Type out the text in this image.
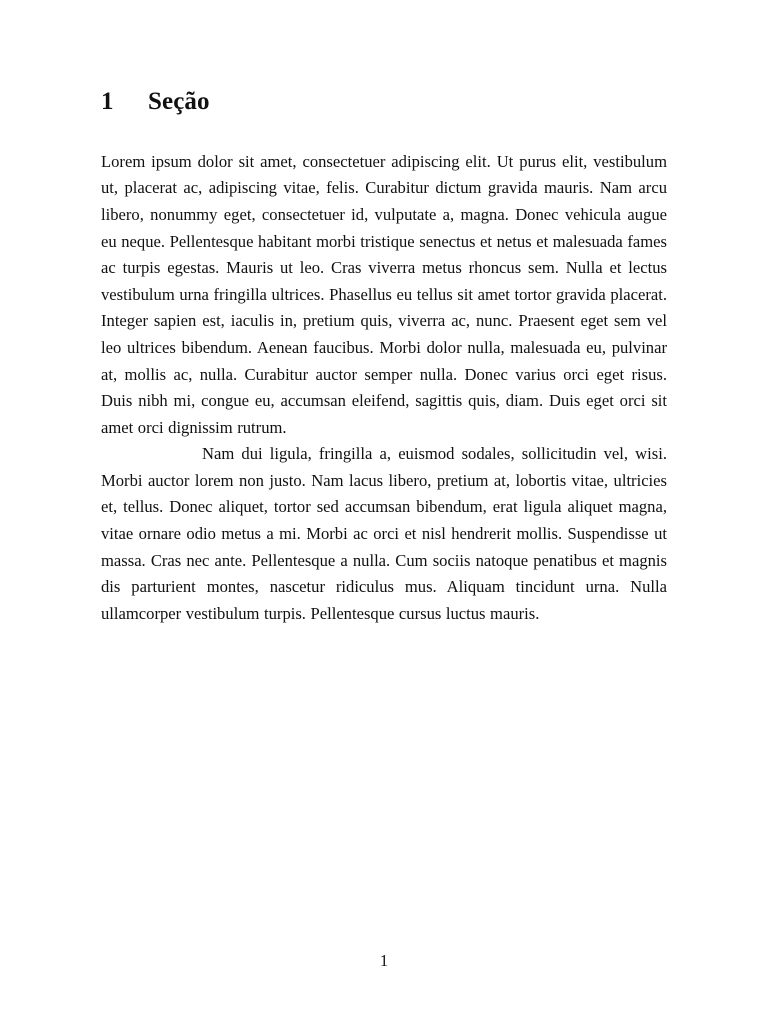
1	Seção

Lorem ipsum dolor sit amet, consectetuer adipiscing elit. Ut purus elit, vestibulum ut, placerat ac, adipiscing vitae, felis. Curabitur dictum gravida mauris. Nam arcu libero, nonummy eget, consectetuer id, vulputate a, magna. Donec vehicula augue eu neque. Pellentesque habitant morbi tristique senectus et netus et malesuada fames ac turpis egestas. Mauris ut leo. Cras viverra metus rhoncus sem. Nulla et lectus vestibulum urna fringilla ultrices. Phasellus eu tellus sit amet tortor gravida placerat. Integer sapien est, iaculis in, pretium quis, viverra ac, nunc. Praesent eget sem vel leo ultrices bibendum. Aenean faucibus. Morbi dolor nulla, malesuada eu, pulvinar at, mollis ac, nulla. Curabitur auctor semper nulla. Donec varius orci eget risus. Duis nibh mi, congue eu, accumsan eleifend, sagittis quis, diam. Duis eget orci sit amet orci dignissim rutrum.

Nam dui ligula, fringilla a, euismod sodales, sollicitudin vel, wisi. Morbi auctor lorem non justo. Nam lacus libero, pretium at, lobortis vitae, ultricies et, tellus. Donec aliquet, tortor sed accumsan bibendum, erat ligula aliquet magna, vitae ornare odio metus a mi. Morbi ac orci et nisl hendrerit mollis. Suspendisse ut massa. Cras nec ante. Pellentesque a nulla. Cum sociis natoque penatibus et magnis dis parturient montes, nascetur ridiculus mus. Aliquam tincidunt urna. Nulla ullamcorper vestibulum turpis. Pellentesque cursus luctus mauris.

1
